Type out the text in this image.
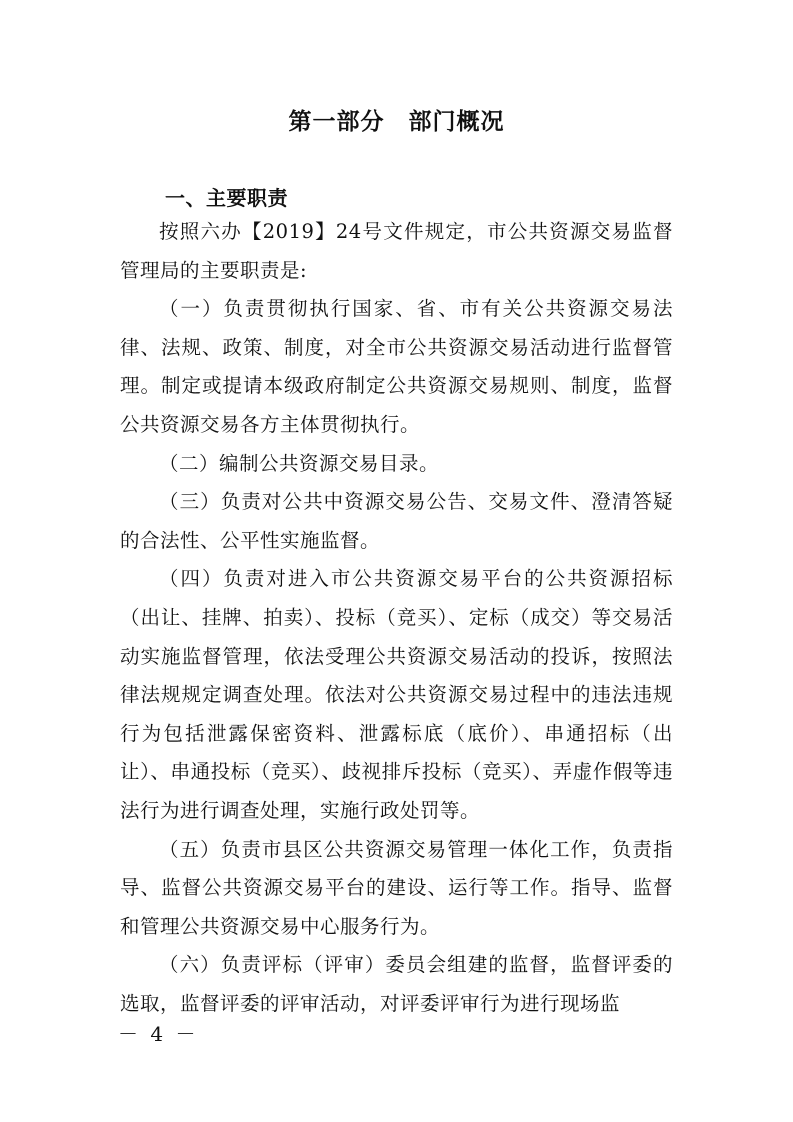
第一部分　部门概况
一、主要职责

按照六办【2019】24号文件规定，市公共资源交易监督管理局的主要职责是:

（一）负责贯彻执行国家、省、市有关公共资源交易法律、法规、政策、制度，对全市公共资源交易活动进行监督管理。制定或提请本级政府制定公共资源交易规则、制度，监督公共资源交易各方主体贯彻执行。

（二）编制公共资源交易目录。

（三）负责对公共中资源交易公告、交易文件、澄清答疑的合法性、公平性实施监督。

（四）负责对进入市公共资源交易平台的公共资源招标（出让、挂牌、拍卖）、投标（竞买）、定标（成交）等交易活动实施监督管理，依法受理公共资源交易活动的投诉，按照法律法规规定调查处理。依法对公共资源交易过程中的违法违规行为包括泄露保密资料、泄露标底（底价）、串通招标（出让）、串通投标（竞买）、歧视排斥投标（竞买）、弄虚作假等违法行为进行调查处理，实施行政处罚等。

（五）负责市县区公共资源交易管理一体化工作，负责指导、监督公共资源交易平台的建设、运行等工作。指导、监督和管理公共资源交易中心服务行为。

（六）负责评标（评审）委员会组建的监督，监督评委的选取，监督评委的评审活动，对评委评审行为进行现场监

－ 4 －
